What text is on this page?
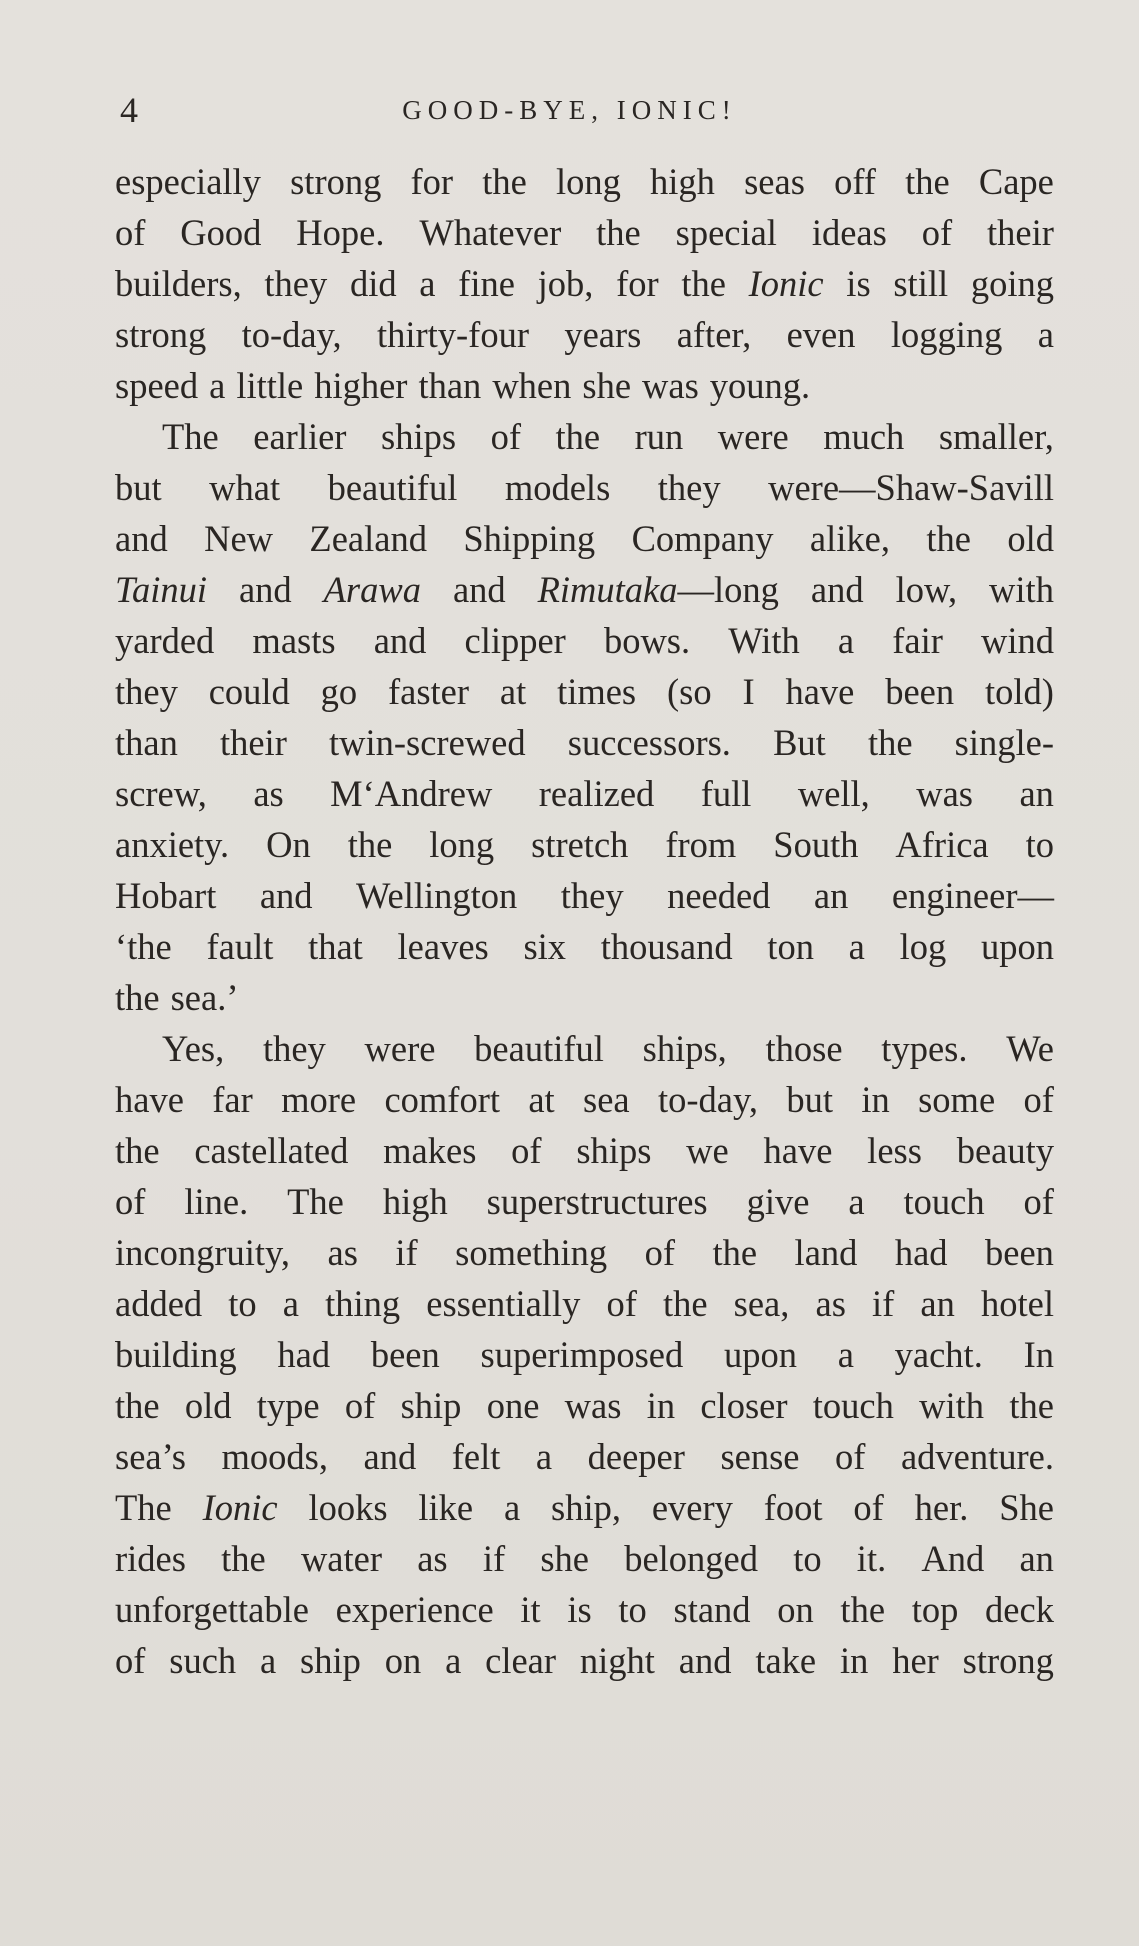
4	GOOD-BYE, IONIC!
especially strong for the long high seas off the Cape
of Good Hope. Whatever the special ideas of their
builders, they did a fine job, for the Ionic is still going
strong to-day, thirty-four years after, even logging a
speed a little higher than when she was young.
The earlier ships of the run were much smaller,
but what beautiful models they were—Shaw-Savill
and New Zealand Shipping Company alike, the old
Tainui and Arawa and Rimutaka—long and low, with
yarded masts and clipper bows. With a fair wind
they could go faster at times (so I have been told)
than their twin-screwed successors. But the single-
screw, as M‘Andrew realized full well, was an
anxiety. On the long stretch from South Africa to
Hobart and Wellington they needed an engineer—
‘the fault that leaves six thousand ton a log upon
the sea.’
Yes, they were beautiful ships, those types. We
have far more comfort at sea to-day, but in some of
the castellated makes of ships we have less beauty
of line. The high superstructures give a touch of
incongruity, as if something of the land had been
added to a thing essentially of the sea, as if an hotel
building had been superimposed upon a yacht. In
the old type of ship one was in closer touch with the
sea’s moods, and felt a deeper sense of adventure.
The Ionic looks like a ship, every foot of her. She
rides the water as if she belonged to it. And an
unforgettable experience it is to stand on the top deck
of such a ship on a clear night and take in her strong
